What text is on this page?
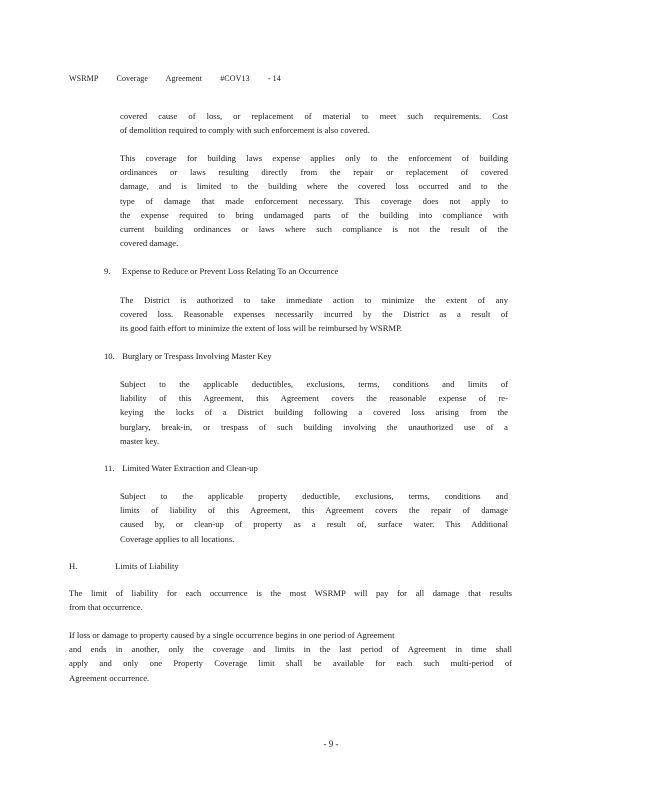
WSRMP Coverage Agreement #COV13 - 14

covered cause of loss, or replacement of material to meet such requirements. Cost
of demolition required to comply with such enforcement is also covered.

This coverage for building laws expense applies only to the enforcement of building
ordinances or laws resulting directly from the repair or replacement of covered
damage, and is limited to the building where the covered loss occurred and to the
type of damage that made enforcement necessary. This coverage does not apply to
the expense required to bring undamaged parts of the building into compliance with
current building ordinances or laws where such compliance is not the result of the
covered damage.

9. Expense to Reduce or Prevent Loss Relating To an Occurrence

The District is authorized to take immediate action to minimize the extent of any
covered loss. Reasonable expenses necessarily incurred by the District as a result of
its good faith effort to minimize the extent of loss will be reimbursed by WSRMP.

10. Burglary or Trespass Involving Master Key

Subject to the applicable deductibles, exclusions, terms, conditions and limits of
liability of this Agreement, this Agreement covers the reasonable expense of re-
keying the locks of a District building following a covered loss arising from the
burglary, break-in, or trespass of such building involving the unauthorized use of a
master key.

11. Limited Water Extraction and Clean-up

Subject to the applicable property deductible, exclusions, terms, conditions and
limits of liability of this Agreement, this Agreement covers the repair of damage
caused by, or clean-up of property as a result of, surface water. This Additional
Coverage applies to all locations.

H.	Limits of Liability

The limit of liability for each occurrence is the most WSRMP will pay for all damage that results
from that occurrence.

If loss or damage to property caused by a single occurrence begins in one period of Agreement
and ends in another, only the coverage and limits in the last period of Agreement in time shall
apply and only one Property Coverage limit shall be available for each such multi-period of
Agreement occurrence.

- 9 -
